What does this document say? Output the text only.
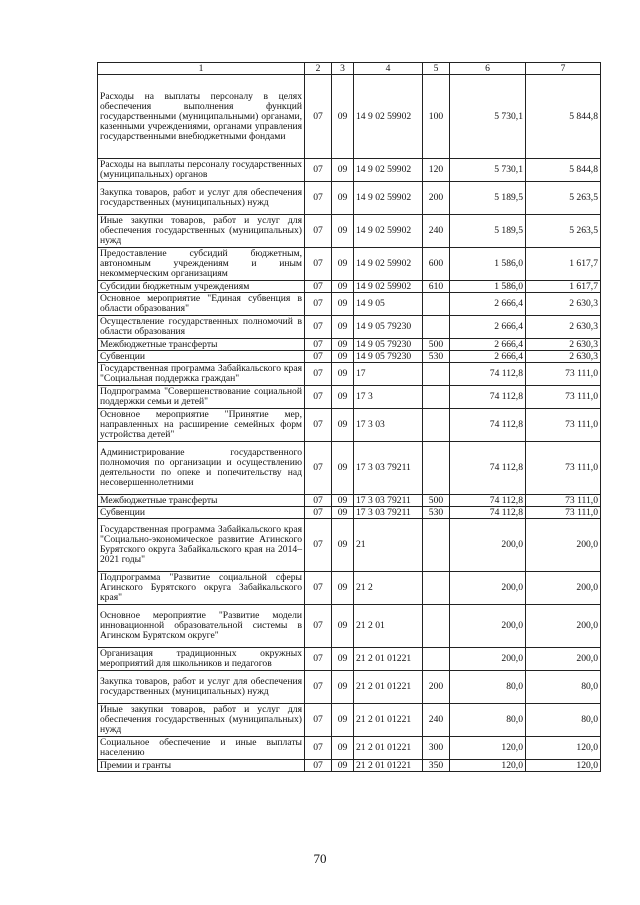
1	2	3	4	5	6	7
Расходы на выплаты персоналу в целях обеспечения выполнения функций государственными (муниципальными) органами, казенными учреждениями, органами управления государственными внебюджетными фондами	07	09	14 9 02 59902	100	5 730,1	5 844,8
Расходы на выплаты персоналу государственных (муниципальных) органов	07	09	14 9 02 59902	120	5 730,1	5 844,8
Закупка товаров, работ и услуг для обеспечения государственных (муниципальных) нужд	07	09	14 9 02 59902	200	5 189,5	5 263,5
Иные закупки товаров, работ и услуг для обеспечения государственных (муниципальных) нужд	07	09	14 9 02 59902	240	5 189,5	5 263,5
Предоставление субсидий бюджетным, автономным учреждениям и иным некоммерческим организациям	07	09	14 9 02 59902	600	1 586,0	1 617,7
Субсидии бюджетным учреждениям	07	09	14 9 02 59902	610	1 586,0	1 617,7
Основное мероприятие "Единая субвенция в области образования"	07	09	14 9 05		2 666,4	2 630,3
Осуществление государственных полномочий в области образования	07	09	14 9 05 79230		2 666,4	2 630,3
Межбюджетные трансферты	07	09	14 9 05 79230	500	2 666,4	2 630,3
Субвенции	07	09	14 9 05 79230	530	2 666,4	2 630,3
Государственная программа Забайкальского края "Социальная поддержка граждан"	07	09	17		74 112,8	73 111,0
Подпрограмма "Совершенствование социальной поддержки семьи и детей"	07	09	17 3		74 112,8	73 111,0
Основное мероприятие "Принятие мер, направленных на расширение семейных форм устройства детей"	07	09	17 3 03		74 112,8	73 111,0
Администрирование государственного полномочия по организации и осуществлению деятельности по опеке и попечительству над несовершеннолетними	07	09	17 3 03 79211		74 112,8	73 111,0
Межбюджетные трансферты	07	09	17 3 03 79211	500	74 112,8	73 111,0
Субвенции	07	09	17 3 03 79211	530	74 112,8	73 111,0
Государственная программа Забайкальского края "Социально-экономическое развитие Агинского Бурятского округа Забайкальского края на 2014–2021 годы"	07	09	21		200,0	200,0
Подпрограмма "Развитие социальной сферы Агинского Бурятского округа Забайкальского края"	07	09	21 2		200,0	200,0
Основное мероприятие "Развитие модели инновационной образовательной системы в Агинском Бурятском округе"	07	09	21 2 01		200,0	200,0
Организация традиционных окружных мероприятий для школьников и педагогов	07	09	21 2 01 01221		200,0	200,0
Закупка товаров, работ и услуг для обеспечения государственных (муниципальных) нужд	07	09	21 2 01 01221	200	80,0	80,0
Иные закупки товаров, работ и услуг для обеспечения государственных (муниципальных) нужд	07	09	21 2 01 01221	240	80,0	80,0
Социальное обеспечение и иные выплаты населению	07	09	21 2 01 01221	300	120,0	120,0
Премии и гранты	07	09	21 2 01 01221	350	120,0	120,0
70
